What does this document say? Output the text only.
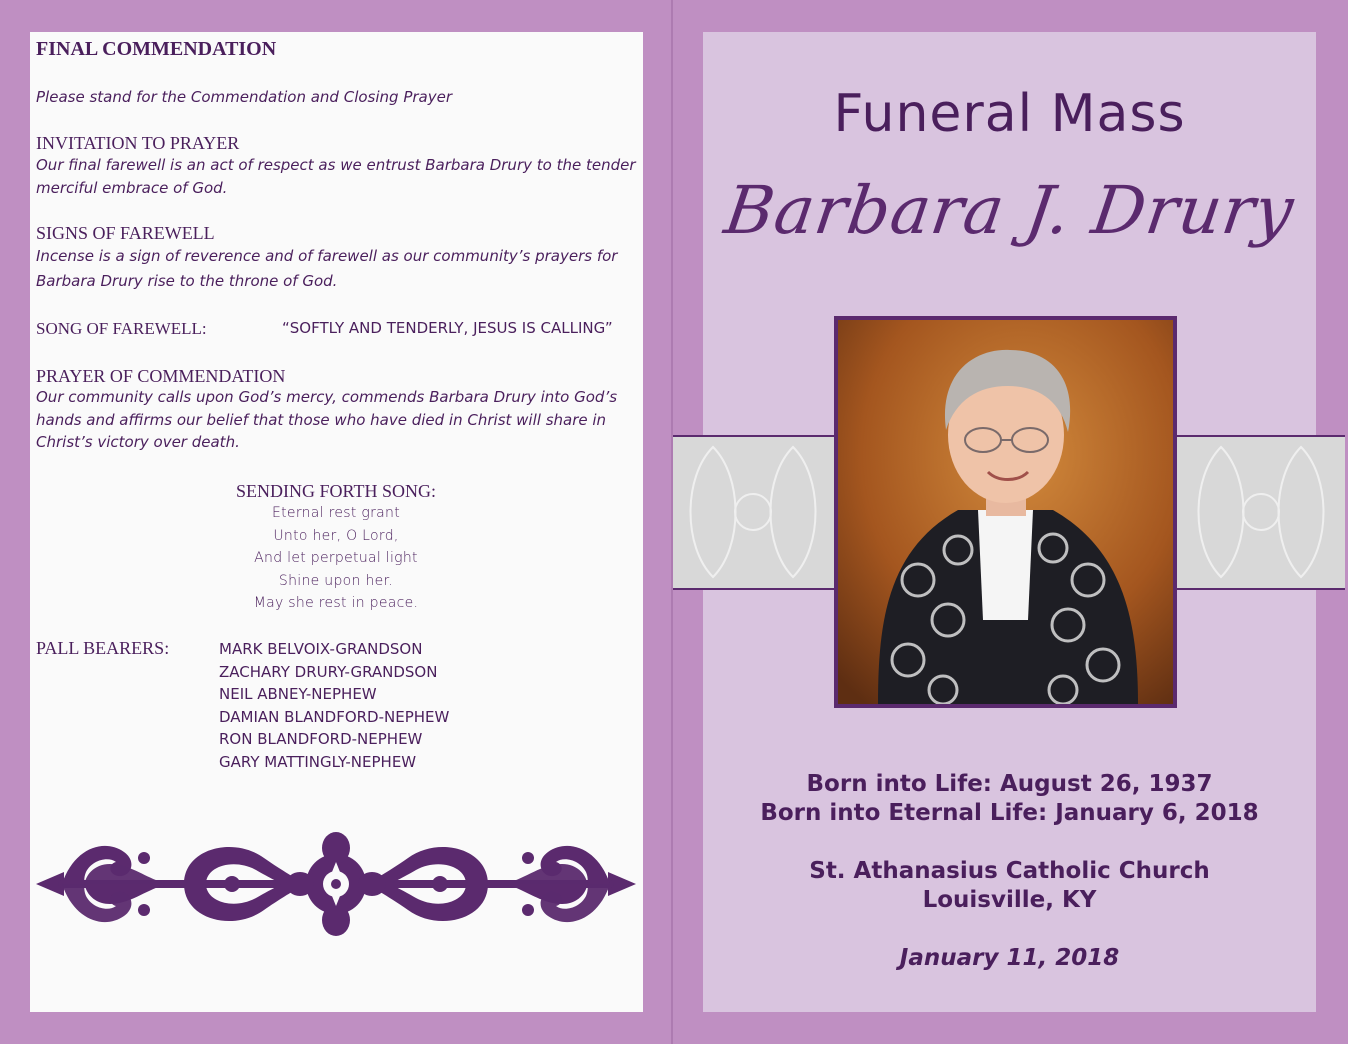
FINAL COMMENDATION
Please stand for the Commendation and Closing Prayer
INVITATION TO PRAYER
Our final farewell is an act of respect as we entrust Barbara Drury to the tender merciful embrace of God.
SIGNS OF FAREWELL
Incense is a sign of reverence and of farewell as our community’s prayers for Barbara Drury rise to the throne of God.
SONG OF FAREWELL:	“SOFTLY AND TENDERLY, JESUS IS CALLING”
PRAYER OF COMMENDATION
Our community calls upon God’s mercy, commends Barbara Drury into God’s hands and affirms our belief that those who have died in Christ will share in Christ’s victory over death.
SENDING FORTH SONG:
Eternal rest grant
Unto her, O Lord,
And let perpetual light
Shine upon her.
May she rest in peace.
PALL BEARERS:	MARK BELVOIX-GRANDSON
ZACHARY DRURY-GRANDSON
NEIL ABNEY-NEPHEW
DAMIAN BLANDFORD-NEPHEW
RON BLANDFORD-NEPHEW
GARY MATTINGLY-NEPHEW
Funeral Mass
Barbara J. Drury
Born into Life: August 26, 1937
Born into Eternal Life: January 6, 2018
St. Athanasius Catholic Church
Louisville, KY
January 11, 2018
